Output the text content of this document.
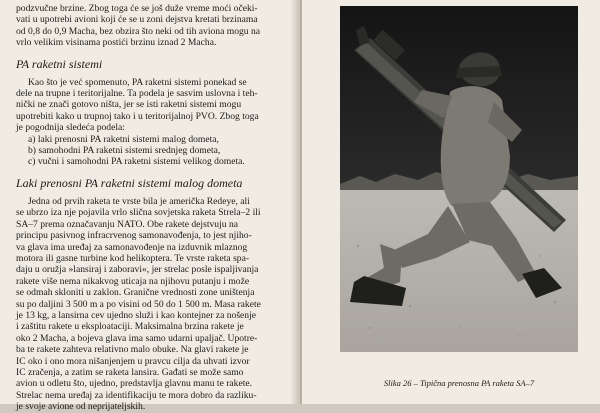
podzvučne brzine. Zbog toga će se još duže vreme moći očeki-
vati u upotrebi avioni koji će se u zoni dejstva kretati brzinama
od 0,8 do 0,9 Macha, bez obzira što neki od tih aviona mogu na
vrlo velikim visinama postići brzinu iznad 2 Macha.

PA raketni sistemi

Kao što je već spomenuto, PA raketni sistemi ponekad se
dele na trupne i teritorijalne. Ta podela je sasvim uslovna i teh-
nički ne znači gotovo ništa, jer se isti raketni sistemi mogu
upotrebiti kako u trupnoj tako i u teritorijalnoj PVO. Zbog toga
je pogodnija sledeća podela:

a) laki prenosni PA raketni sistemi malog dometa,
b) samohodni PA raketni sistemi srednjeg dometa,
c) vučni i samohodni PA raketni sistemi velikog dometa.
Laki prenosni PA raketni sistemi malog dometa

Jedna od prvih raketa te vrste bila je američka Redeye, ali
se ubrzo iza nje pojavila vrlo slična sovjetska raketa Strela–2 ili
SA–7 prema označavanju NATO. Obe rakete dejstvuju na
principu pasivnog infracrvenog samonavođenja, to jest njiho-
va glava ima uređaj za samonavođenje na izduvnik mlaznog
motora ili gasne turbine kod helikoptera. Te vrste raketa spa-
daju u oružja »lansiraj i zaboravi«, jer strelac posle ispaljivanja
rakete više nema nikakvog uticaja na njihovu putanju i može
se odmah skloniti u zaklon. Granične vrednosti zone uništenja
su po daljini 3 500 m a po visini od 50 do 1 500 m. Masa rakete
je 13 kg, a lansirna cev ujedno služi i kao kontejner za nošenje
i zaštitu rakete u eksploataciji. Maksimalna brzina rakete je
oko 2 Macha, a bojeva glava ima samo udarni upaljač. Upotre-
ba te rakete zahteva relativno malo obuke. Na glavi rakete je
IC oko i ono mora nišanjenjem u pravcu cilja da uhvati izvor
IC zračenja, a zatim se raketa lansira. Gađati se može samo
avion u odletu što, ujedno, predstavlja glavnu manu te rakete.
Strelac nema uređaj za identifikaciju te mora dobro da razliku-
je svoje avione od neprijateljskih.

Slika 26 – Tipična prenosna PA raketa SA–7
